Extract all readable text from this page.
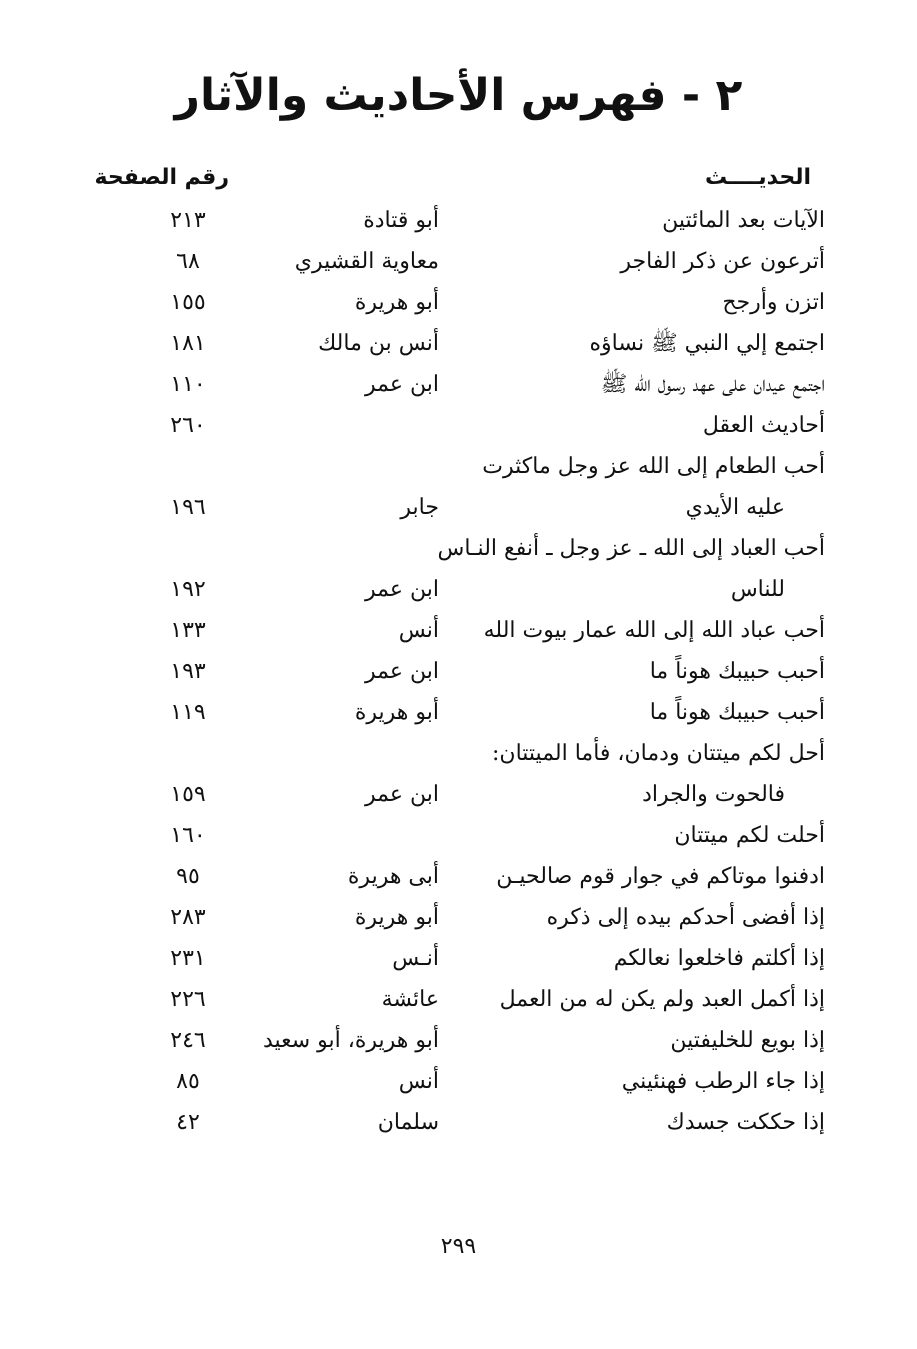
٢ - فهرس الأحاديث والآثار
الحديــــث
رقم الصفحة
الآيات بعد المائتين
أبو قتادة
٢١٣
أترعون عن ذكر الفاجر
معاوية القشيري
٦٨
اتزن وأرجح
أبو هريرة
١٥٥
اجتمع إلي النبي ﷺ نساؤه
أنس بن مالك
١٨١
اجتمع عيدان على عهد رسول الله ﷺ
ابن عمر
١١٠
أحاديث العقل
٢٦٠
أحب الطعام إلى الله عز وجل ماكثرت
عليه الأيدي
جابر
١٩٦
أحب العباد إلى الله ـ عز وجل ـ أنفع النـاس
للناس
ابن عمر
١٩٢
أحب عباد الله إلى الله عمار بيوت الله
أنس
١٣٣
أحبب حبيبك هوناً ما
ابن عمر
١٩٣
أحبب حبيبك هوناً ما
أبو هريرة
١١٩
أحل لكم ميتتان ودمان، فأما الميتتان:
فالحوت والجراد
ابن عمر
١٥٩
أحلت لكم ميتتان
١٦٠
ادفنوا موتاكم في جوار قوم صالحيـن
أبى هريرة
٩٥
إذا أفضى أحدكم بيده إلى ذكره
أبو هريرة
٢٨٣
إذا أكلتم فاخلعوا نعالكم
أنـس
٢٣١
إذا أكمل العبد ولم يكن له من العمل
عائشة
٢٢٦
إذا بويع للخليفتين
أبو هريرة، أبو سعيد
٢٤٦
إذا جاء الرطب فهنئيني
أنس
٨٥
إذا حككت جسدك
سلمان
٤٢
٢٩٩
